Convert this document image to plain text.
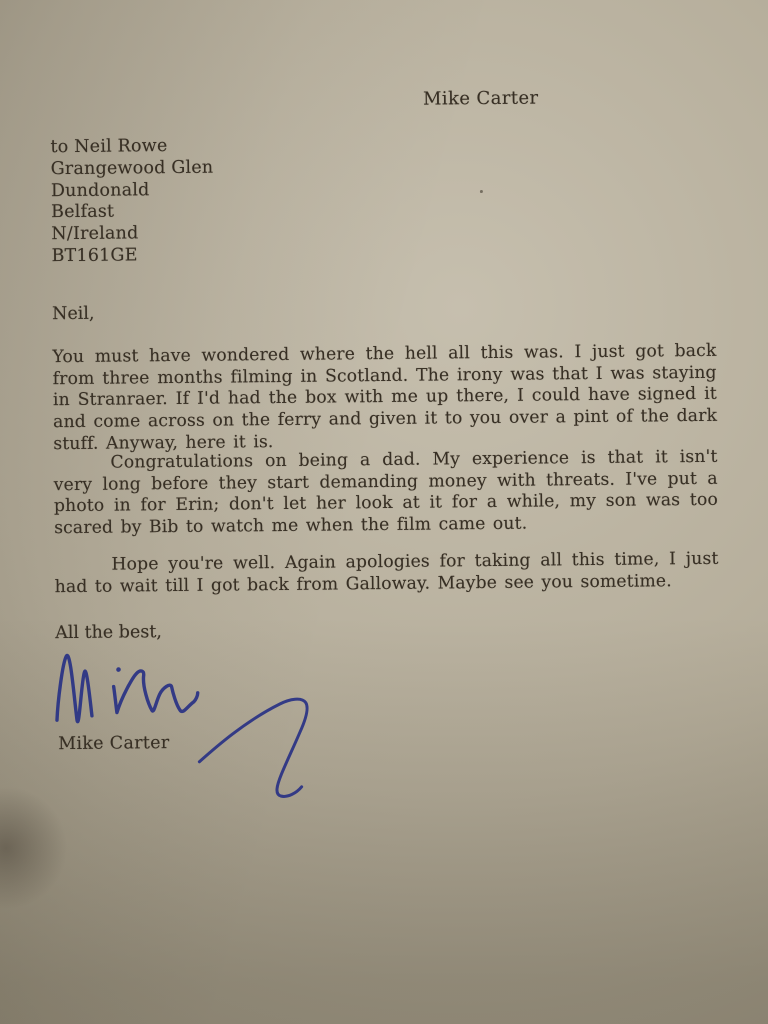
Mike Carter
to Neil Rowe
Grangewood Glen
Dundonald
Belfast
N/Ireland
BT161GE
Neil,
You must have wondered where the hell all this was. I just got back from three months filming in Scotland. The irony was that I was staying in Stranraer. If I'd had the box with me up there, I could have signed it and come across on the ferry and given it to you over a pint of the dark stuff. Anyway, here it is.
Congratulations on being a dad. My experience is that it isn't very long before they start demanding money with threats. I've put a photo in for Erin; don't let her look at it for a while, my son was too scared by Bib to watch me when the film came out.
Hope you're well. Again apologies for taking all this time, I just had to wait till I got back from Galloway. Maybe see you sometime.
All the best,
Mike Carter
